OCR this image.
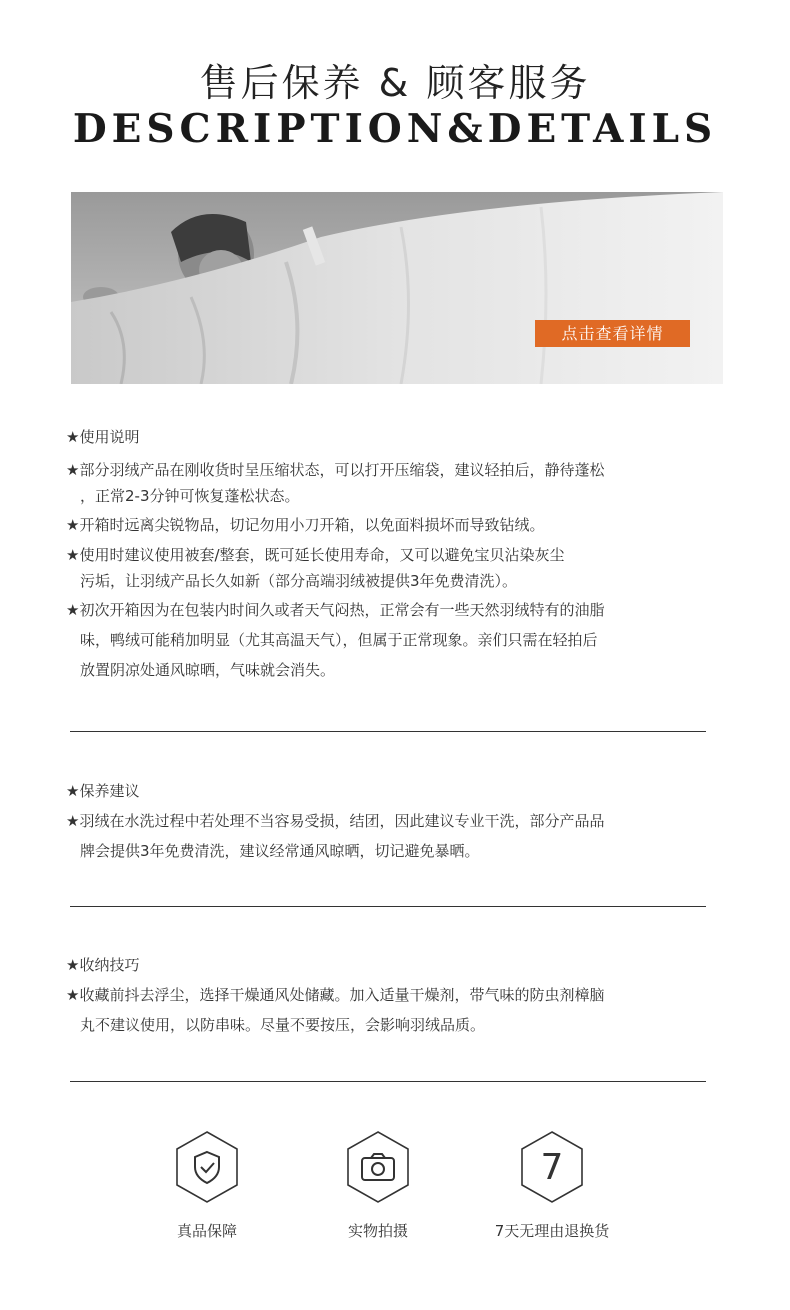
售后保养 & 顾客服务
DESCRIPTION&DETAILS
点击查看详情
★使用说明
★部分羽绒产品在刚收货时呈压缩状态，可以打开压缩袋，建议轻拍后，静待蓬松
，正常2-3分钟可恢复蓬松状态。
★开箱时远离尖锐物品，切记勿用小刀开箱，以免面料损坏而导致钻绒。
★使用时建议使用被套/整套，既可延长使用寿命，又可以避免宝贝沾染灰尘
污垢，让羽绒产品长久如新（部分高端羽绒被提供3年免费清洗）。
★初次开箱因为在包装内时间久或者天气闷热，正常会有一些天然羽绒特有的油脂
味，鸭绒可能稍加明显（尤其高温天气），但属于正常现象。亲们只需在轻拍后
放置阴凉处通风晾晒，气味就会消失。
★保养建议
★羽绒在水洗过程中若处理不当容易受损，结团，因此建议专业干洗，部分产品品
牌会提供3年免费清洗，建议经常通风晾晒，切记避免暴晒。
★收纳技巧
★收藏前抖去浮尘，选择干燥通风处储藏。加入适量干燥剂，带气味的防虫剂樟脑
丸不建议使用，以防串味。尽量不要按压，会影响羽绒品质。
真品保障	实物拍摄
7
7天无理由退换货
